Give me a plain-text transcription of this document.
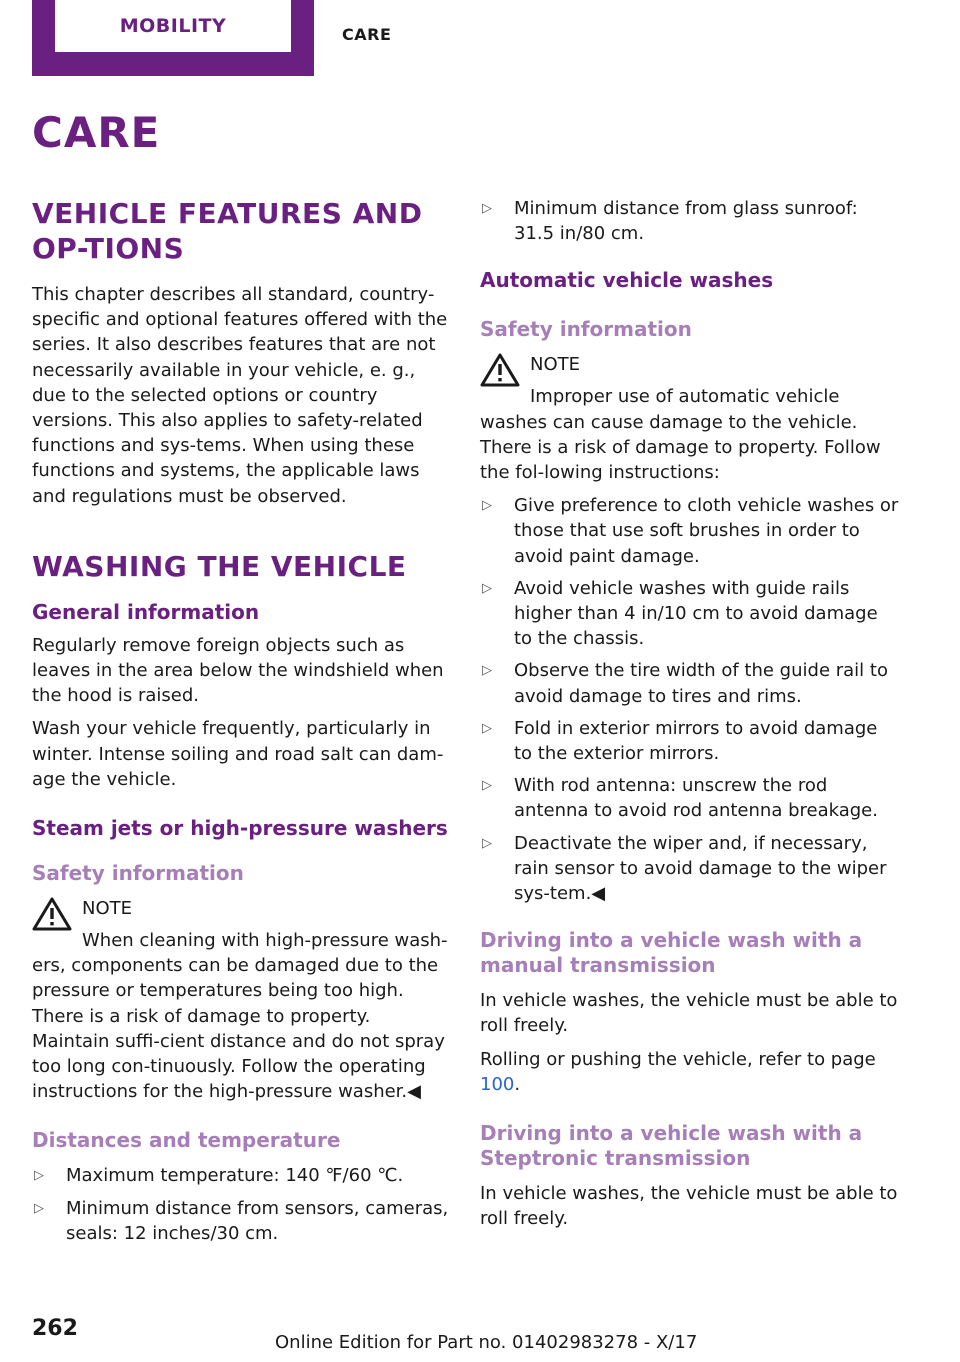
MOBILITY	CARE
CARE
VEHICLE FEATURES AND OP-TIONS

This chapter describes all standard, country-specific and optional features offered with the series. It also describes features that are not necessarily available in your vehicle, e. g., due to the selected options or country versions. This also applies to safety-related functions and sys-tems. When using these functions and systems, the applicable laws and regulations must be observed.

WASHING THE VEHICLE
General information

Regularly remove foreign objects such as leaves in the area below the windshield when the hood is raised.

Wash your vehicle frequently, particularly in winter. Intense soiling and road salt can dam-age the vehicle.

Steam jets or high-pressure washers
Safety information
NOTE

When cleaning with high-pressure wash-

ers, components can be damaged due to the pressure or temperatures being too high. There is a risk of damage to property. Maintain suffi-cient distance and do not spray too long con-tinuously. Follow the operating instructions for the high-pressure washer.◀

Distances and temperature
▷ Maximum temperature: 140 ℉/60 ℃.
▷ Minimum distance from sensors, cameras, seals: 12 inches/30 cm.
▷ Minimum distance from glass sunroof: 31.5 in/80 cm.
Automatic vehicle washes
Safety information
NOTE

Improper use of automatic vehicle

washes can cause damage to the vehicle. There is a risk of damage to property. Follow the fol-lowing instructions:

▷ Give preference to cloth vehicle washes or those that use soft brushes in order to avoid paint damage.
▷ Avoid vehicle washes with guide rails higher than 4 in/10 cm to avoid damage to the chassis.
▷ Observe the tire width of the guide rail to avoid damage to tires and rims.
▷ Fold in exterior mirrors to avoid damage to the exterior mirrors.
▷ With rod antenna: unscrew the rod antenna to avoid rod antenna breakage.
▷ Deactivate the wiper and, if necessary, rain sensor to avoid damage to the wiper sys-tem.◀
Driving into a vehicle wash with a manual transmission

In vehicle washes, the vehicle must be able to roll freely.

Rolling or pushing the vehicle, refer to page 100.

Driving into a vehicle wash with a Steptronic transmission

In vehicle washes, the vehicle must be able to roll freely.

262
Online Edition for Part no. 01402983278 - X/17
